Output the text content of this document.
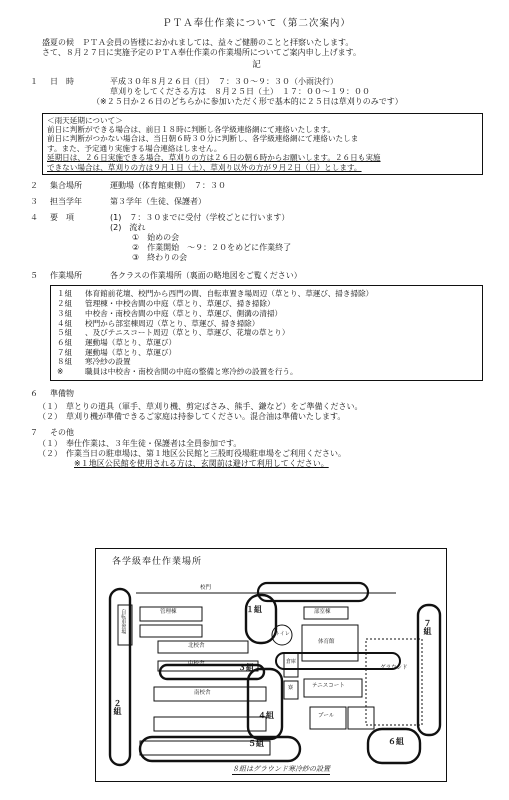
ＰＴＡ奉仕作業について（第二次案内）

盛夏の候　ＰＴＡ会員の皆様におかれましては、益々ご健勝のことと拝察いたします。

さて、８月２７日に実施予定のＰＴＡ奉仕作業の作業場所についてご案内申し上げます。

記
１	日　時	平成３０年８月２６日（日）　７：３０～９：３０（小雨決行）
草刈りをしてくださる方は　８月２５日（土）　１７：００～１９：００
（※２５日か２６日のどちらかに参加いただく形で基本的に２５日は草刈りのみです）
＜雨天延期について＞
前日に判断ができる場合は、前日１８時に判断し各学級連絡網にて連絡いたします。
前日に判断がつかない場合は、当日朝６時３０分に判断し、各学級連絡網にて連絡いたしま
す。また、予定通り実施する場合連絡はしません。
延期日は、２６日実施できる場合、草刈りの方は２６日の朝６時からお願いします。２６日も実施
できない場合は、草刈りの方は９月１日（土）、草刈り以外の方が９月２日（日）とします。
２	集合場所	運動場（体育館東側）　７：３０
３	担当学年	第３学年（生徒、保護者）
４	要　項	(1)　７：３０までに受付（学校ごとに行います）
(2)　流れ
①　始めの会
②　作業開始　～９：２０をめどに作業終了
③　終わりの会
５	作業場所	各クラスの作業場所（裏面の略地図をご覧ください）
１組	体育館前花壇、校門から西門の間、自転車置き場周辺（草とり、草運び、掃き掃除）
２組	管理棟・中校舎間の中庭（草とり、草運び、掃き掃除）
３組	中校舎・南校舎間の中庭（草とり、草運び、側溝の清掃）
４組	校門から部室棟周辺（草とり、草運び、掃き掃除）
５組	、及びテニスコート周辺（草とり、草運び、花壇の草とり）
６組	運動場（草とり、草運び）
７組	運動場（草とり、草運び）
８組	寒冷紗の設置
※	職員は中校舎・南校舎間の中庭の整備と寒冷紗の設置を行う。
６	準備物
（１） 草とりの道具（軍手、草刈り機、剪定ばさみ、熊手、鎌など）をご準備ください。
（２） 草刈り機が準備できるご家庭は持参してください。混合油は準備いたします。
７	その他
（１） 奉仕作業は、３年生徒・保護者は全員参加です。
（２） 作業当日の駐車場は、第１地区公民館と三股町役場駐車場をご利用ください。
※１地区公民館を使用される方は、玄関前は避けて利用してください。
各学級奉仕作業場所
１組
２組
３組
４組
５組	６組
７組
校門
自転車置場	管理棟
北校舎
中校舎
南校舎
トイレ
部室棟
体育館
倉庫
寮	テニスコート
プール
グラウンド
８組はグラウンド寒冷紗の設置
